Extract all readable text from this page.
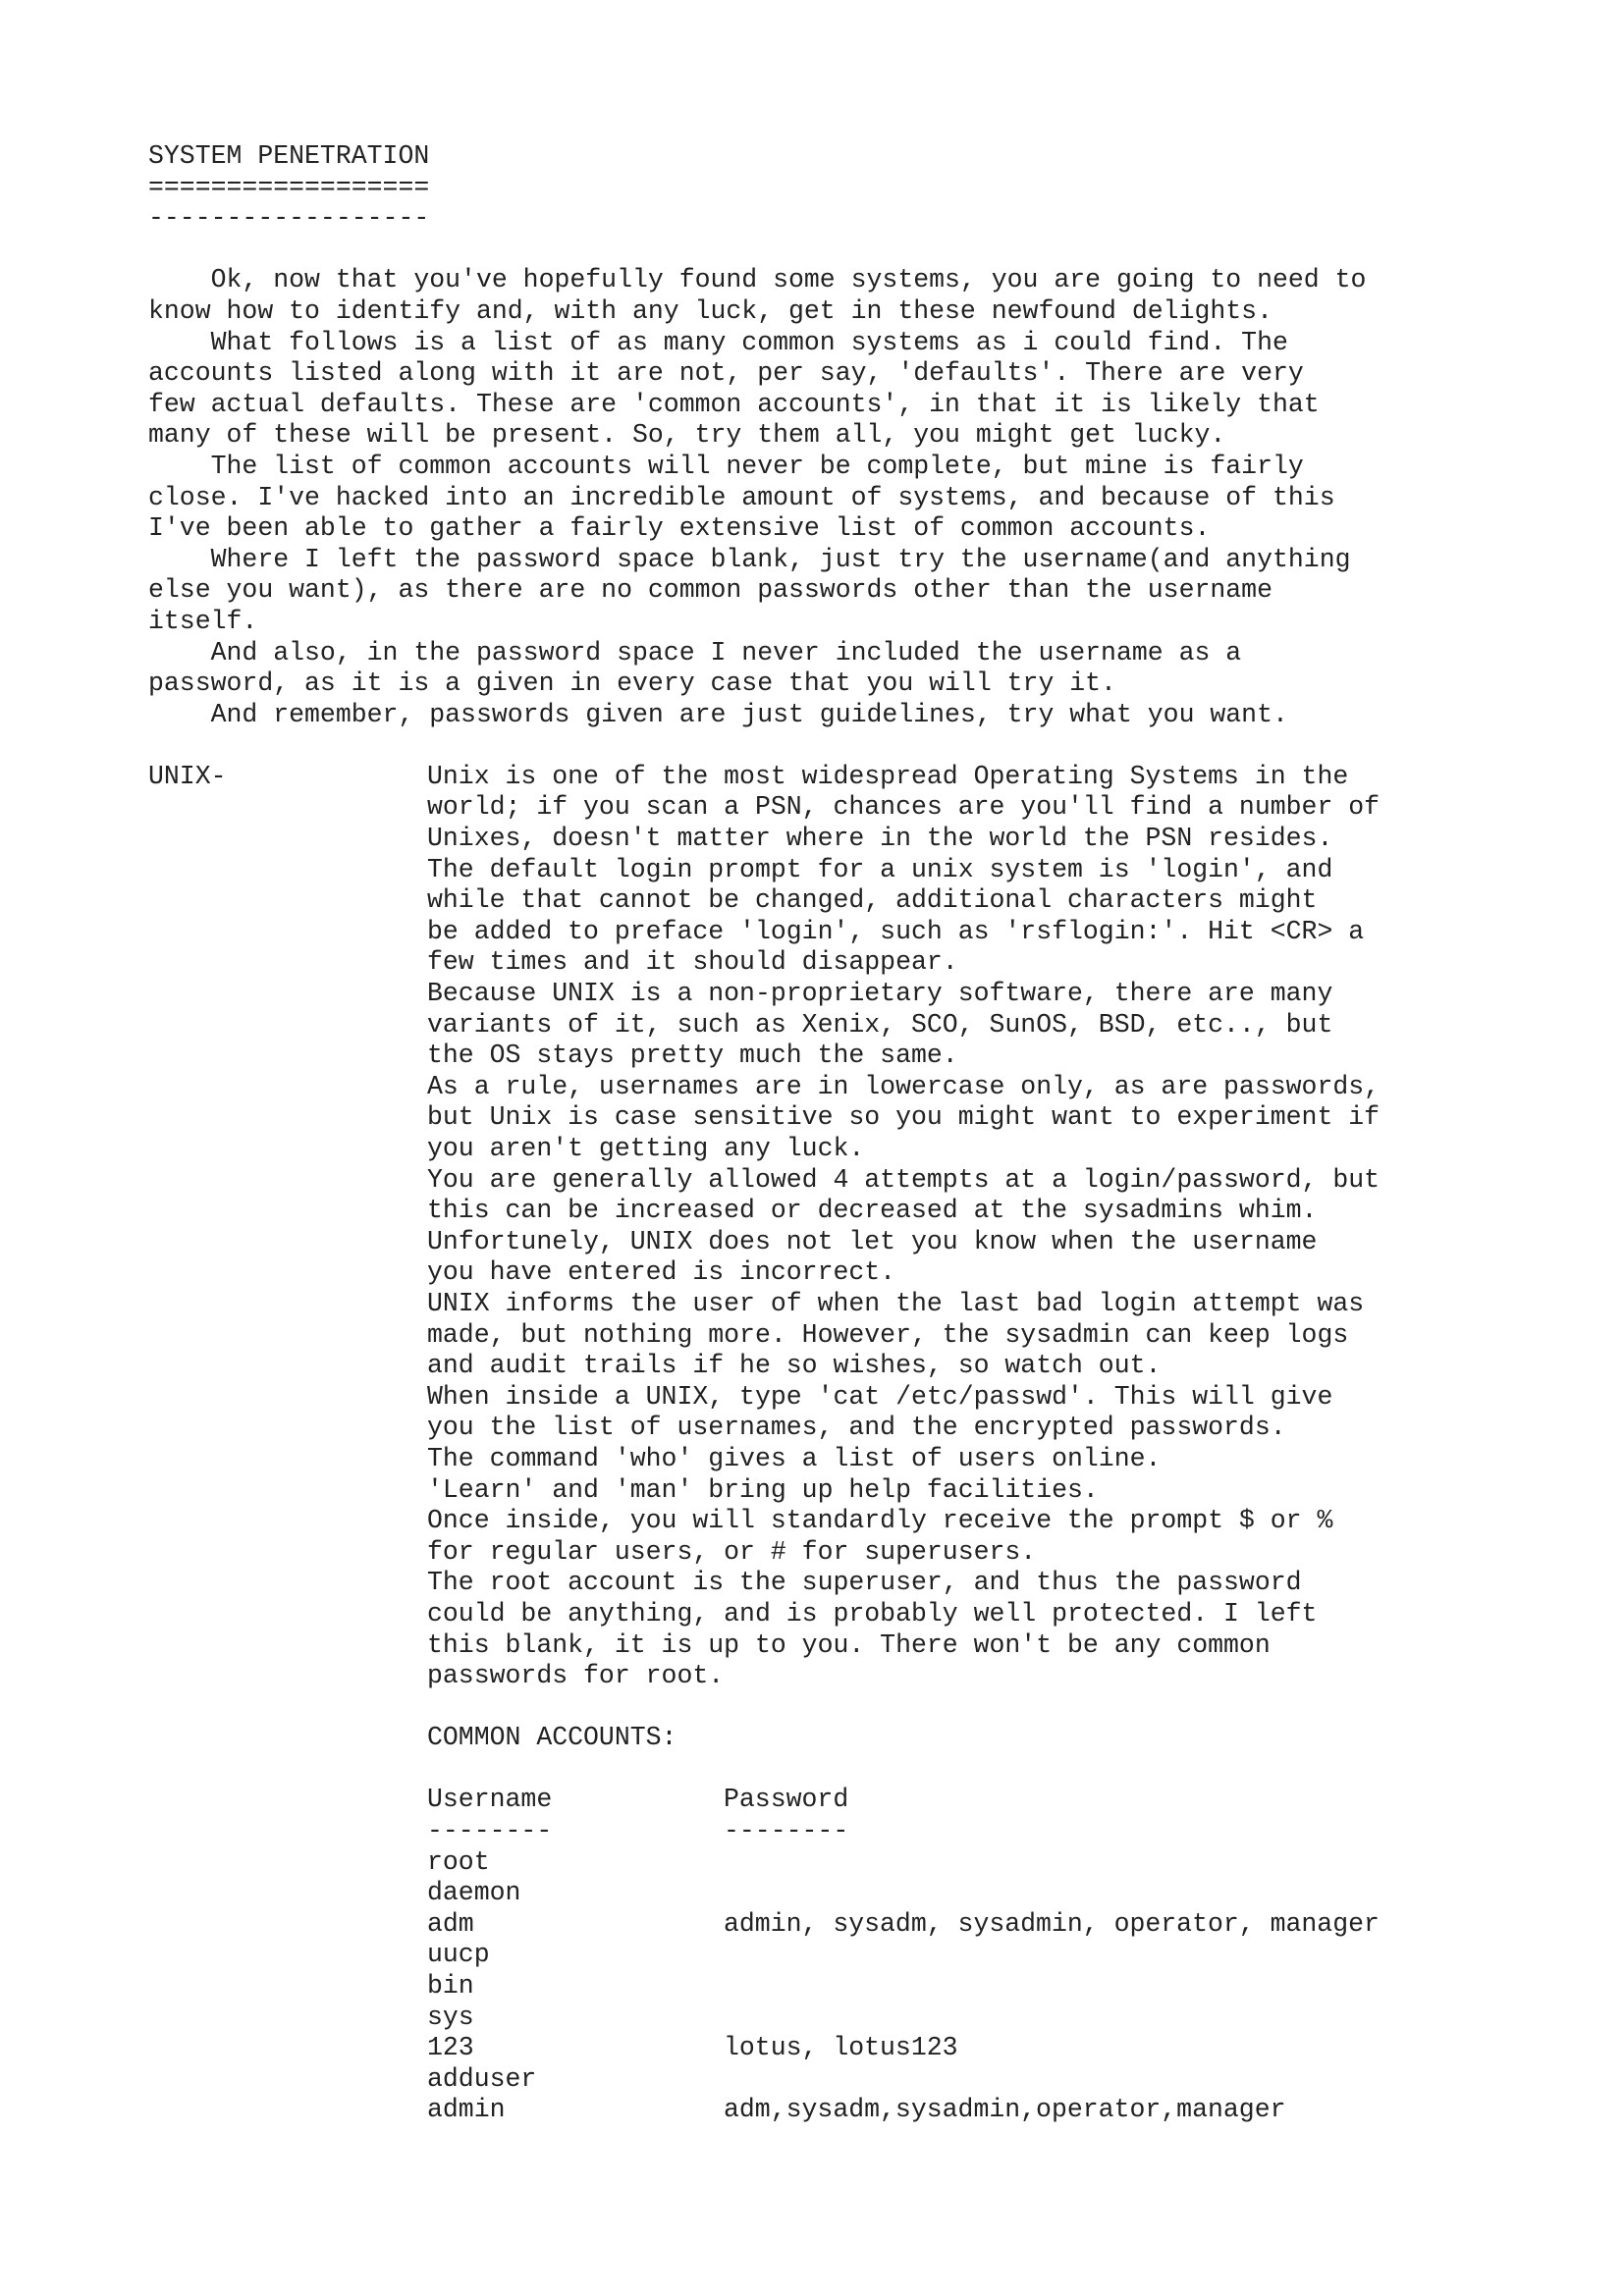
SYSTEM PENETRATION
==================
------------------
Ok, now that you've hopefully found some systems, you are going to need to
know how to identify and, with any luck, get in these newfound delights.
What follows is a list of as many common systems as i could find. The
accounts listed along with it are not, per say, 'defaults'. There are very
few actual defaults. These are 'common accounts', in that it is likely that
many of these will be present. So, try them all, you might get lucky.
The list of common accounts will never be complete, but mine is fairly
close. I've hacked into an incredible amount of systems, and because of this
I've been able to gather a fairly extensive list of common accounts.
Where I left the password space blank, just try the username(and anything
else you want), as there are no common passwords other than the username
itself.
And also, in the password space I never included the username as a
password, as it is a given in every case that you will try it.
And remember, passwords given are just guidelines, try what you want.
UNIX-	Unix is one of the most widespread Operating Systems in the
world; if you scan a PSN, chances are you'll find a number of
Unixes, doesn't matter where in the world the PSN resides.
The default login prompt for a unix system is 'login', and
while that cannot be changed, additional characters might
be added to preface 'login', such as 'rsflogin:'. Hit <CR> a
few times and it should disappear.
Because UNIX is a non-proprietary software, there are many
variants of it, such as Xenix, SCO, SunOS, BSD, etc.., but
the OS stays pretty much the same.
As a rule, usernames are in lowercase only, as are passwords,
but Unix is case sensitive so you might want to experiment if
you aren't getting any luck.
You are generally allowed 4 attempts at a login/password, but
this can be increased or decreased at the sysadmins whim.
Unfortunely, UNIX does not let you know when the username
you have entered is incorrect.
UNIX informs the user of when the last bad login attempt was
made, but nothing more. However, the sysadmin can keep logs
and audit trails if he so wishes, so watch out.
When inside a UNIX, type 'cat /etc/passwd'. This will give
you the list of usernames, and the encrypted passwords.
The command 'who' gives a list of users online.
'Learn' and 'man' bring up help facilities.
Once inside, you will standardly receive the prompt $ or %
for regular users, or # for superusers.
The root account is the superuser, and thus the password
could be anything, and is probably well protected. I left
this blank, it is up to you. There won't be any common
passwords for root.
COMMON ACCOUNTS:
Username	Password
--------	--------
root
daemon
adm	admin, sysadm, sysadmin, operator, manager
uucp
bin
sys
123	lotus, lotus123
adduser
admin	adm,sysadm,sysadmin,operator,manager
